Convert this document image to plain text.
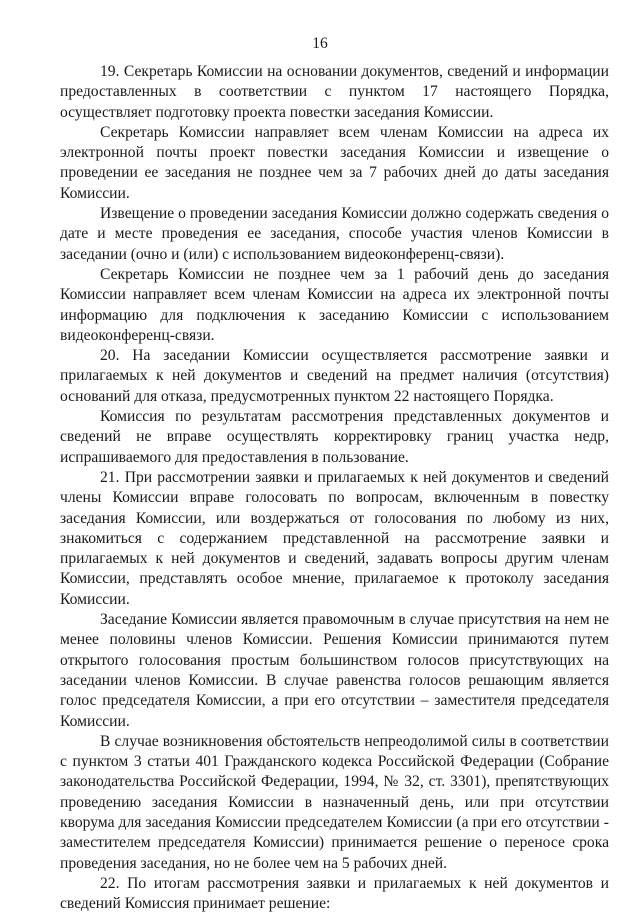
16

19. Секретарь Комиссии на основании документов, сведений и информации предоставленных в соответствии с пунктом 17 настоящего Порядка, осуществляет подготовку проекта повестки заседания Комиссии.

Секретарь Комиссии направляет всем членам Комиссии на адреса их электронной почты проект повестки заседания Комиссии и извещение о проведении ее заседания не позднее чем за 7 рабочих дней до даты заседания Комиссии.

Извещение о проведении заседания Комиссии должно содержать сведения о дате и месте проведения ее заседания, способе участия членов Комиссии в заседании (очно и (или) с использованием видеоконференц-связи).

Секретарь Комиссии не позднее чем за 1 рабочий день до заседания Комиссии направляет всем членам Комиссии на адреса их электронной почты информацию для подключения к заседанию Комиссии с использованием видеоконференц-связи.

20. На заседании Комиссии осуществляется рассмотрение заявки и прилагаемых к ней документов и сведений на предмет наличия (отсутствия) оснований для отказа, предусмотренных пунктом 22 настоящего Порядка.

Комиссия по результатам рассмотрения представленных документов и сведений не вправе осуществлять корректировку границ участка недр, испрашиваемого для предоставления в пользование.

21. При рассмотрении заявки и прилагаемых к ней документов и сведений члены Комиссии вправе голосовать по вопросам, включенным в повестку заседания Комиссии, или воздержаться от голосования по любому из них, знакомиться с содержанием представленной на рассмотрение заявки и прилагаемых к ней документов и сведений, задавать вопросы другим членам Комиссии, представлять особое мнение, прилагаемое к протоколу заседания Комиссии.

Заседание Комиссии является правомочным в случае присутствия на нем не менее половины членов Комиссии. Решения Комиссии принимаются путем открытого голосования простым большинством голосов присутствующих на заседании членов Комиссии. В случае равенства голосов решающим является голос председателя Комиссии, а при его отсутствии – заместителя председателя Комиссии.

В случае возникновения обстоятельств непреодолимой силы в соответствии с пунктом 3 статьи 401 Гражданского кодекса Российской Федерации (Собрание законодательства Российской Федерации, 1994, № 32, ст. 3301), препятствующих проведению заседания Комиссии в назначенный день, или при отсутствии кворума для заседания Комиссии председателем Комиссии (а при его отсутствии - заместителем председателя Комиссии) принимается решение о переносе срока проведения заседания, но не более чем на 5 рабочих дней.

22. По итогам рассмотрения заявки и прилагаемых к ней документов и сведений Комиссия принимает решение:
